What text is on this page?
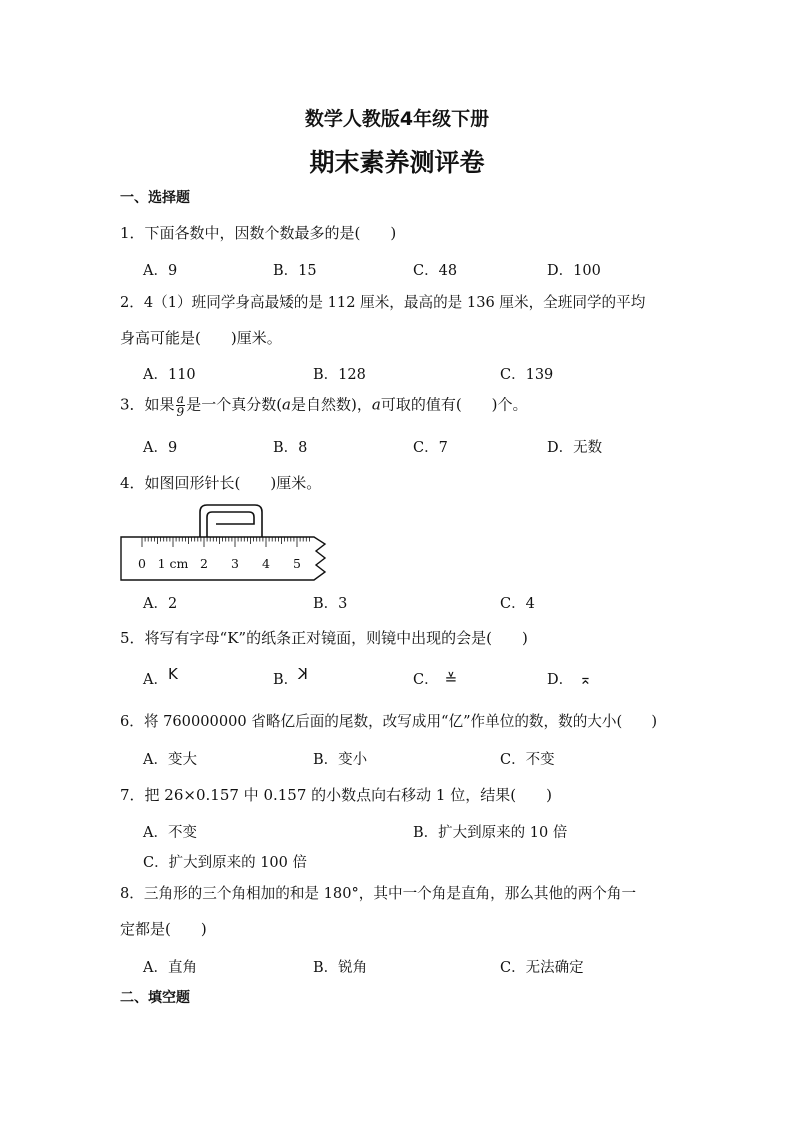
数学人教版4年级下册
期末素养测评卷
一、选择题
1．下面各数中，因数个数最多的是(　　)
A．9	B．15	C．48	D．100
2．4（1）班同学身高最矮的是 112 厘米，最高的是 136 厘米，全班同学的平均
身高可能是(　　)厘米。
A．110	B．128	C．139
3．如果 $\frac{a}{9}$ 是一个真分数(a是自然数)，a可取的值有(　　)个。
A．9	B．8	C．7	D．无数
4．如图回形针长(　　)厘米。
0 1 cm 2 3 4 5
A．2	B．3	C．4
5．将写有字母“K”的纸条正对镜面，则镜中出现的会是(　　)
A．K	B．K	C． ≚	D． ⌅
6．将 760000000 省略亿后面的尾数，改写成用“亿”作单位的数，数的大小(　　)
A．变大	B．变小	C．不变
7．把 26×0.157 中 0.157 的小数点向右移动 1 位，结果(　　)
A．不变	B．扩大到原来的 10 倍
C．扩大到原来的 100 倍
8．三角形的三个角相加的和是 180°，其中一个角是直角，那么其他的两个角一
定都是(　　)
A．直角	B．锐角	C．无法确定
二、填空题
